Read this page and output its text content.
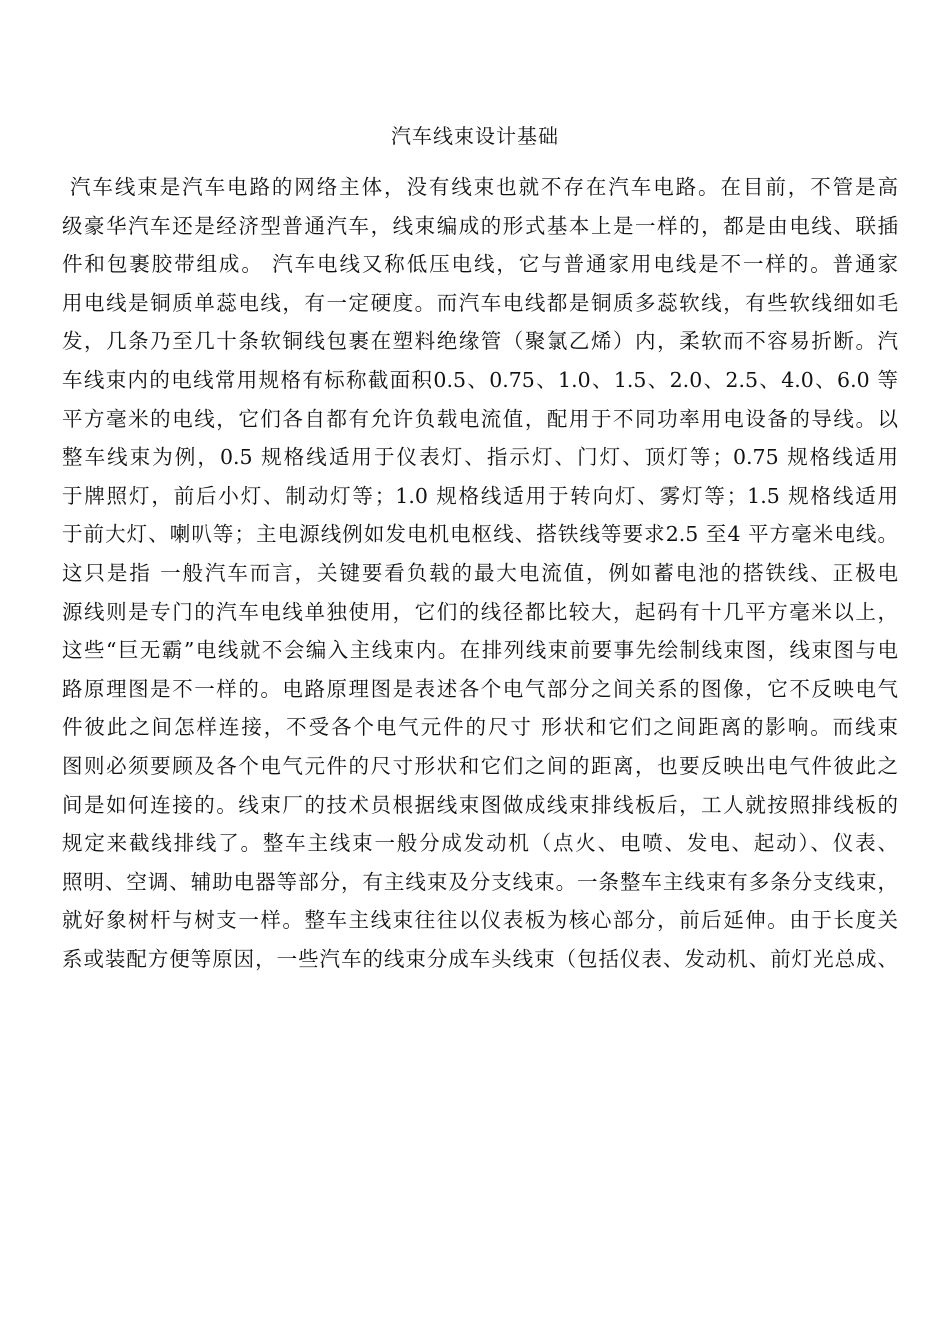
汽车线束设计基础
汽车线束是汽车电路的网络主体，没有线束也就不存在汽车电路。在目前，不管是高
级豪华汽车还是经济型普通汽车，线束编成的形式基本上是一样的，都是由电线、联插
件和包裹胶带组成。 汽车电线又称低压电线，它与普通家用电线是不一样的。普通家
用电线是铜质单蕊电线，有一定硬度。而汽车电线都是铜质多蕊软线，有些软线细如毛
发，几条乃至几十条软铜线包裹在塑料绝缘管（聚氯乙烯）内，柔软而不容易折断。汽
车线束内的电线常用规格有标称截面积0.5、0.75、1.0、1.5、2.0、2.5、4.0、6.0 等
平方毫米的电线，它们各自都有允许负载电流值，配用于不同功率用电设备的导线。以
整车线束为例，0.5 规格线适用于仪表灯、指示灯、门灯、顶灯等；0.75 规格线适用
于牌照灯，前后小灯、制动灯等；1.0 规格线适用于转向灯、雾灯等；1.5 规格线适用
于前大灯、喇叭等；主电源线例如发电机电枢线、搭铁线等要求2.5 至4 平方毫米电线。
这只是指 一般汽车而言，关键要看负载的最大电流值，例如蓄电池的搭铁线、正极电
源线则是专门的汽车电线单独使用，它们的线径都比较大，起码有十几平方毫米以上，
这些“巨无霸”电线就不会编入主线束内。在排列线束前要事先绘制线束图，线束图与电
路原理图是不一样的。电路原理图是表述各个电气部分之间关系的图像，它不反映电气
件彼此之间怎样连接，不受各个电气元件的尺寸 形状和它们之间距离的影响。而线束
图则必须要顾及各个电气元件的尺寸形状和它们之间的距离，也要反映出电气件彼此之
间是如何连接的。线束厂的技术员根据线束图做成线束排线板后，工人就按照排线板的
规定来截线排线了。整车主线束一般分成发动机（点火、电喷、发电、起动）、仪表、
照明、空调、辅助电器等部分，有主线束及分支线束。一条整车主线束有多条分支线束，
就好象树杆与树支一样。整车主线束往往以仪表板为核心部分，前后延伸。由于长度关
系或装配方便等原因，一些汽车的线束分成车头线束（包括仪表、发动机、前灯光总成、
